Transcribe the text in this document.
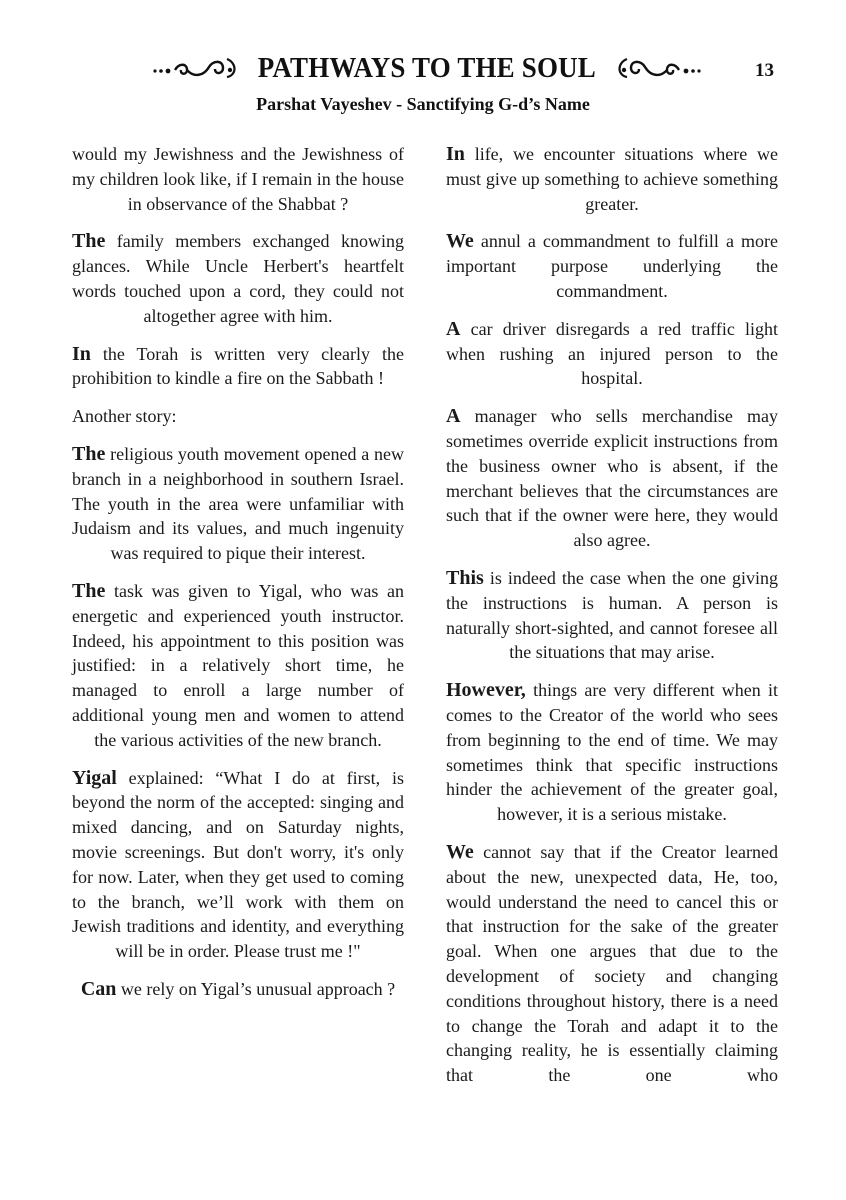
PATHWAYS TO THE SOUL	13
Parshat Vayeshev - Sanctifying G-d’s Name

would my Jewishness and the Jewishness of my children look like, if I remain in the house in observance of the Shabbat ?

The family members exchanged knowing glances. While Uncle Herbert's heartfelt words touched upon a cord, they could not altogether agree with him.

In the Torah is written very clearly the prohibition to kindle a fire on the Sabbath !

Another story:

The religious youth movement opened a new branch in a neighborhood in southern Israel. The youth in the area were unfamiliar with Judaism and its values, and much ingenuity was required to pique their interest.

The task was given to Yigal, who was an energetic and experienced youth instructor. Indeed, his appointment to this position was justified: in a relatively short time, he managed to enroll a large number of additional young men and women to attend the various activities of the new branch.

Yigal explained: “What I do at first, is beyond the norm of the accepted: singing and mixed dancing, and on Saturday nights, movie screenings. But don't worry, it's only for now. Later, when they get used to coming to the branch, we’ll work with them on Jewish traditions and identity, and everything will be in order. Please trust me !"

Can we rely on Yigal’s unusual approach ?

In life, we encounter situations where we must give up something to achieve something greater.

We annul a commandment to fulfill a more important purpose underlying the commandment.

A car driver disregards a red traffic light when rushing an injured person to the hospital.

A manager who sells merchandise may sometimes override explicit instructions from the business owner who is absent, if the merchant believes that the circumstances are such that if the owner were here, they would also agree.

This is indeed the case when the one giving the instructions is human. A person is naturally short-sighted, and cannot foresee all the situations that may arise.

However, things are very different when it comes to the Creator of the world who sees from beginning to the end of time. We may sometimes think that specific instructions hinder the achievement of the greater goal, however, it is a serious mistake.

We cannot say that if the Creator learned about the new, unexpected data, He, too, would understand the need to cancel this or that instruction for the sake of the greater goal. When one argues that due to the development of society and changing conditions throughout history, there is a need to change the Torah and adapt it to the changing reality, he is essentially claiming that the one who
